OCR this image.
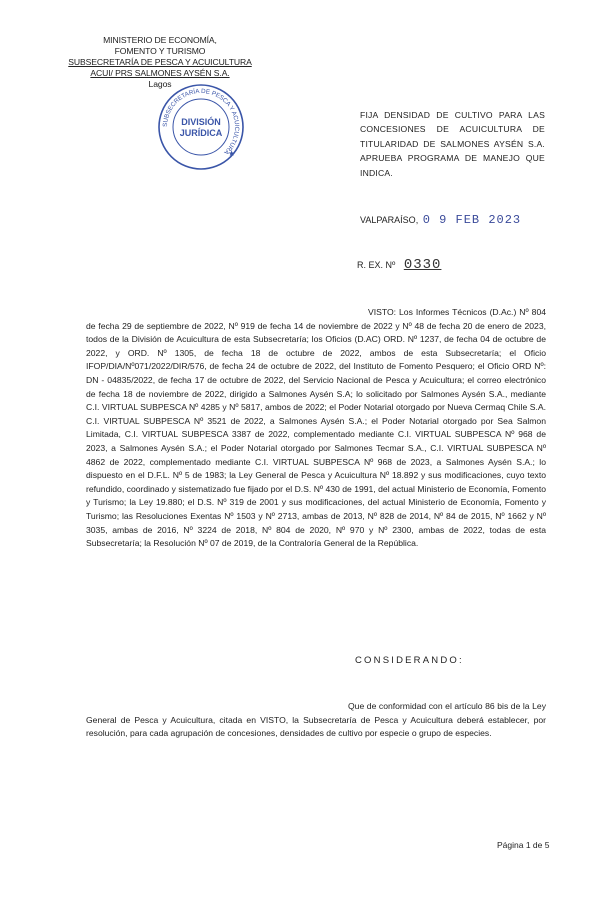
MINISTERIO DE ECONOMÍA,
FOMENTO Y TURISMO
SUBSECRETARÍA DE PESCA Y ACUICULTURA
ACUI/ PRS SALMONES AYSÉN S.A.
Lagos
SUBSECRETARÍA DE PESCA Y ACUICULTURA
DIVISIÓN
JURÍDICA
★
FIJA DENSIDAD DE CULTIVO PARA LAS CONCESIONES DE ACUICULTURA DE TITULARIDAD DE SALMONES AYSÉN S.A. APRUEBA PROGRAMA DE MANEJO QUE INDICA.
VALPARAÍSO, 0 9 FEB 2023
R. EX. Nº 0330
VISTO: Los Informes Técnicos (D.Ac.) Nº 804 de fecha 29 de septiembre de 2022, Nº 919 de fecha 14 de noviembre de 2022 y Nº 48 de fecha 20 de enero de 2023, todos de la División de Acuicultura de esta Subsecretaría; los Oficios (D.AC) ORD. Nº 1237, de fecha 04 de octubre de 2022, y ORD. Nº 1305, de fecha 18 de octubre de 2022, ambos de esta Subsecretaría; el Oficio IFOP/DIA/Nº071/2022/DIR/576, de fecha 24 de octubre de 2022, del Instituto de Fomento Pesquero; el Oficio ORD Nº: DN - 04835/2022, de fecha 17 de octubre de 2022, del Servicio Nacional de Pesca y Acuicultura; el correo electrónico de fecha 18 de noviembre de 2022, dirigido a Salmones Aysén S.A; lo solicitado por Salmones Aysén S.A., mediante C.I. VIRTUAL SUBPESCA Nº 4285 y Nº 5817, ambos de 2022; el Poder Notarial otorgado por Nueva Cermaq Chile S.A. C.I. VIRTUAL SUBPESCA Nº 3521 de 2022, a Salmones Aysén S.A.; el Poder Notarial otorgado por Sea Salmon Limitada, C.I. VIRTUAL SUBPESCA 3387 de 2022, complementado mediante C.I. VIRTUAL SUBPESCA Nº 968 de 2023, a Salmones Aysén S.A.; el Poder Notarial otorgado por Salmones Tecmar S.A., C.I. VIRTUAL SUBPESCA Nº 4862 de 2022, complementado mediante C.I. VIRTUAL SUBPESCA Nº 968 de 2023, a Salmones Aysén S.A.; lo dispuesto en el D.F.L. Nº 5 de 1983; la Ley General de Pesca y Acuicultura Nº 18.892 y sus modificaciones, cuyo texto refundido, coordinado y sistematizado fue fijado por el D.S. Nº 430 de 1991, del actual Ministerio de Economía, Fomento y Turismo; la Ley 19.880; el D.S. Nº 319 de 2001 y sus modificaciones, del actual Ministerio de Economía, Fomento y Turismo; las Resoluciones Exentas Nº 1503 y Nº 2713, ambas de 2013, Nº 828 de 2014, Nº 84 de 2015, Nº 1662 y Nº 3035, ambas de 2016, Nº 3224 de 2018, Nº 804 de 2020, Nº 970 y Nº 2300, ambas de 2022, todas de esta Subsecretaría; la Resolución Nº 07 de 2019, de la Contraloría General de la República.
CONSIDERANDO:
Que de conformidad con el artículo 86 bis de la Ley General de Pesca y Acuicultura, citada en VISTO, la Subsecretaría de Pesca y Acuicultura deberá establecer, por resolución, para cada agrupación de concesiones, densidades de cultivo por especie o grupo de especies.
Página 1 de 5
